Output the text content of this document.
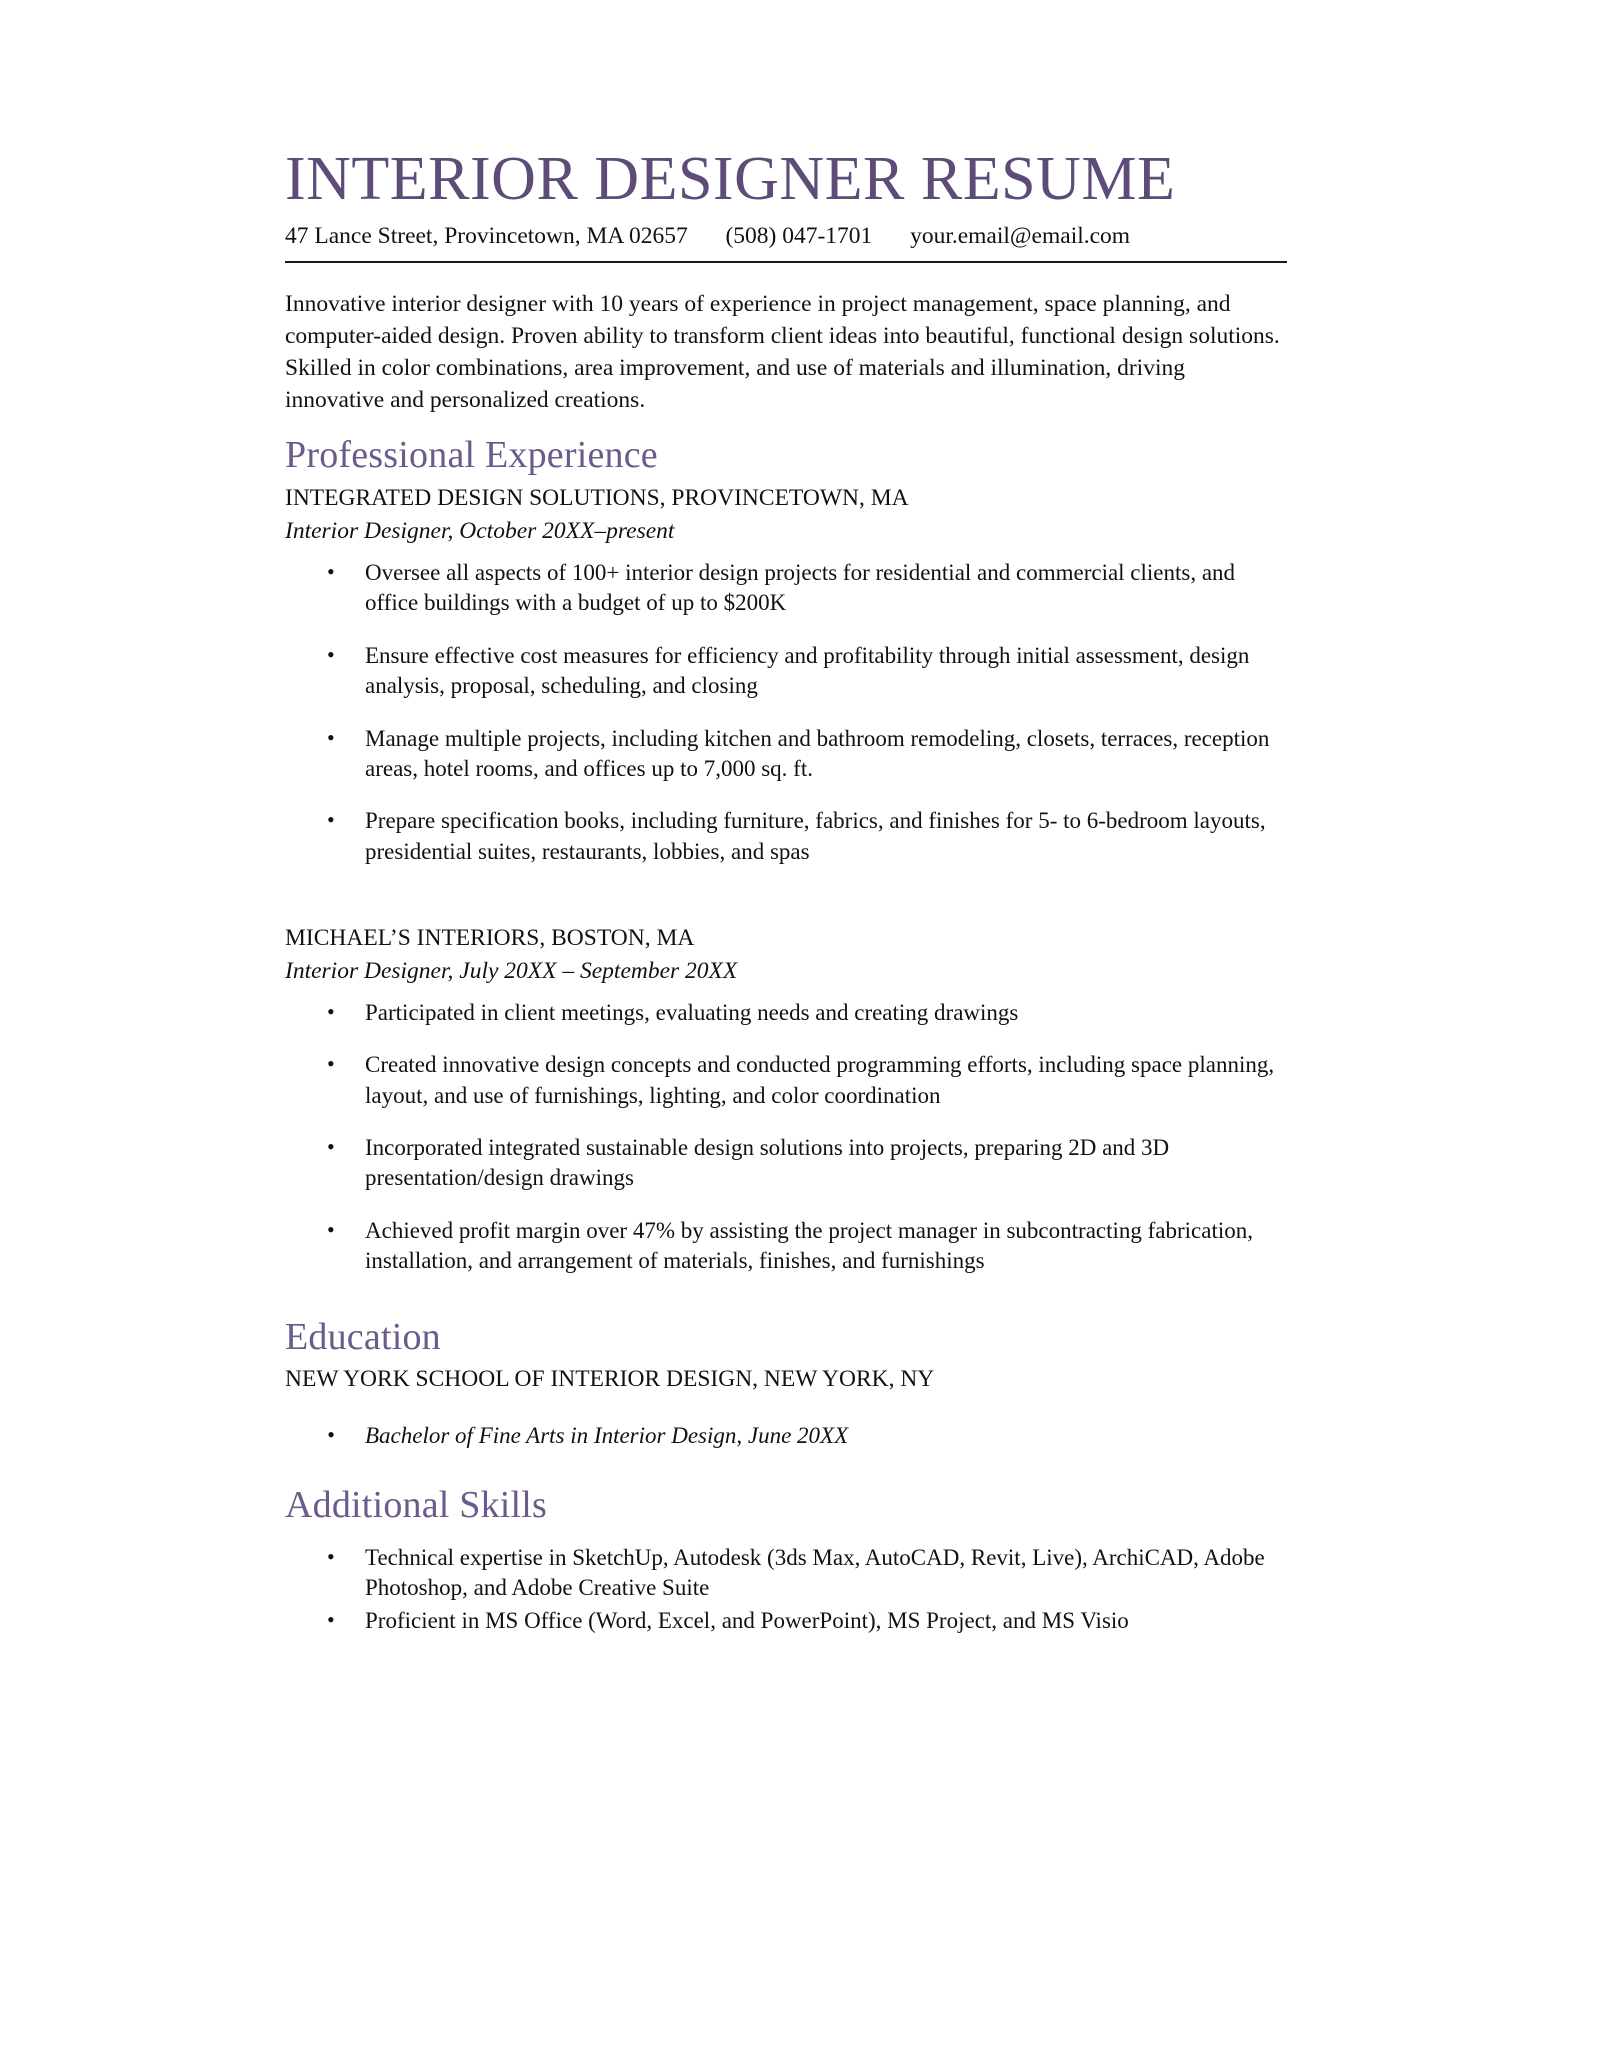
INTERIOR DESIGNER RESUME
47 Lance Street, Provincetown, MA 02657 (508) 047-1701 your.email@email.com

Innovative interior designer with 10 years of experience in project management, space planning, and computer-aided design. Proven ability to transform client ideas into beautiful, functional design solutions. Skilled in color combinations, area improvement, and use of materials and illumination, driving innovative and personalized creations.

Professional Experience
INTEGRATED DESIGN SOLUTIONS, PROVINCETOWN, MA
Interior Designer, October 20XX–present
• Oversee all aspects of 100+ interior design projects for residential and commercial clients, and office buildings with a budget of up to $200K
• Ensure effective cost measures for efficiency and profitability through initial assessment, design analysis, proposal, scheduling, and closing
• Manage multiple projects, including kitchen and bathroom remodeling, closets, terraces, reception areas, hotel rooms, and offices up to 7,000 sq. ft.
• Prepare specification books, including furniture, fabrics, and finishes for 5- to 6-bedroom layouts, presidential suites, restaurants, lobbies, and spas
MICHAEL’S INTERIORS, BOSTON, MA
Interior Designer, July 20XX – September 20XX
• Participated in client meetings, evaluating needs and creating drawings
• Created innovative design concepts and conducted programming efforts, including space planning, layout, and use of furnishings, lighting, and color coordination
• Incorporated integrated sustainable design solutions into projects, preparing 2D and 3D presentation/design drawings
• Achieved profit margin over 47% by assisting the project manager in subcontracting fabrication, installation, and arrangement of materials, finishes, and furnishings
Education
NEW YORK SCHOOL OF INTERIOR DESIGN, NEW YORK, NY
• Bachelor of Fine Arts in Interior Design, June 20XX
Additional Skills
• Technical expertise in SketchUp, Autodesk (3ds Max, AutoCAD, Revit, Live), ArchiCAD, Adobe Photoshop, and Adobe Creative Suite
• Proficient in MS Office (Word, Excel, and PowerPoint), MS Project, and MS Visio
